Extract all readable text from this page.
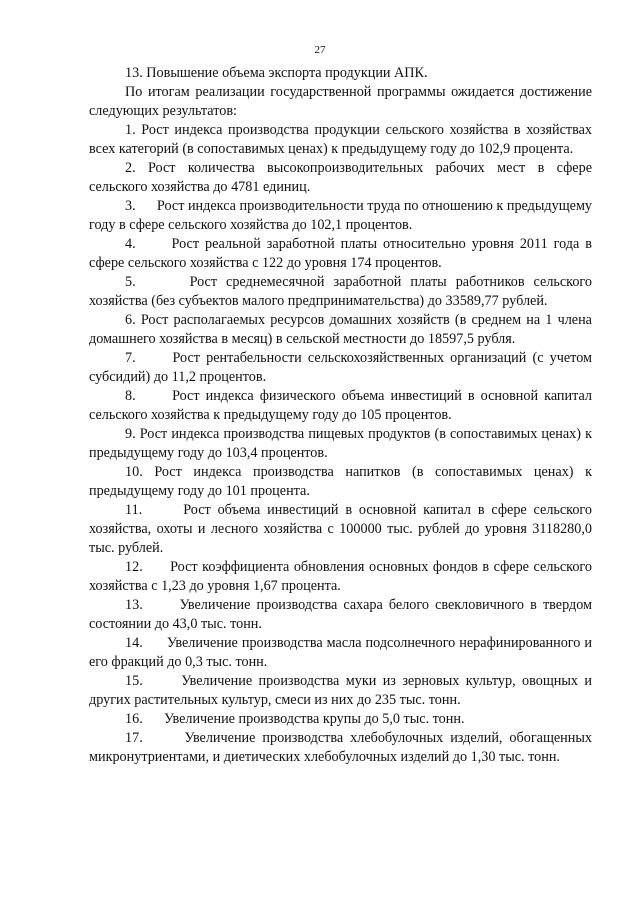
27

13. Повышение объема экспорта продукции АПК.

По итогам реализации государственной программы ожидается достижение следующих результатов:

1. Рост индекса производства продукции сельского хозяйства в хозяйствах всех категорий (в сопоставимых ценах) к предыдущему году до 102,9 процента.

2. Рост количества высокопроизводительных рабочих мест в сфере сельского хозяйства до 4781 единиц.

3.      Рост индекса производительности труда по отношению к предыдущему году в сфере сельского хозяйства до 102,1 процентов.

4.      Рост реальной заработной платы относительно уровня 2011 года в сфере сельского хозяйства с 122 до уровня 174 процентов.

5.      Рост среднемесячной заработной платы работников сельского хозяйства (без субъектов малого предпринимательства) до 33589,77 рублей.

6. Рост располагаемых ресурсов домашних хозяйств (в среднем на 1 члена домашнего хозяйства в месяц) в сельской местности до 18597,5 рубля.

7.      Рост рентабельности сельскохозяйственных организаций (с учетом субсидий) до 11,2 процентов.

8.      Рост индекса физического объема инвестиций в основной капитал сельского хозяйства к предыдущему году до 105 процентов.

9. Рост индекса производства пищевых продуктов (в сопоставимых ценах) к предыдущему году до 103,4 процентов.

10. Рост индекса производства напитков (в сопоставимых ценах) к предыдущему году до 101 процента.

11.      Рост объема инвестиций в основной капитал в сфере сельского хозяйства, охоты и лесного хозяйства с 100000 тыс. рублей до уровня 3118280,0 тыс. рублей.

12.      Рост коэффициента обновления основных фондов в сфере сельского хозяйства с 1,23 до уровня 1,67 процента.

13.      Увеличение производства сахара белого свекловичного в твердом состоянии до 43,0 тыс. тонн.

14.      Увеличение производства масла подсолнечного нерафинированного и его фракций до 0,3 тыс. тонн.

15.      Увеличение производства муки из зерновых культур, овощных и других растительных культур, смеси из них до 235 тыс. тонн.

16.      Увеличение производства крупы до 5,0 тыс. тонн.

17.      Увеличение производства хлебобулочных изделий, обогащенных микронутриентами, и диетических хлебобулочных изделий до 1,30 тыс. тонн.
